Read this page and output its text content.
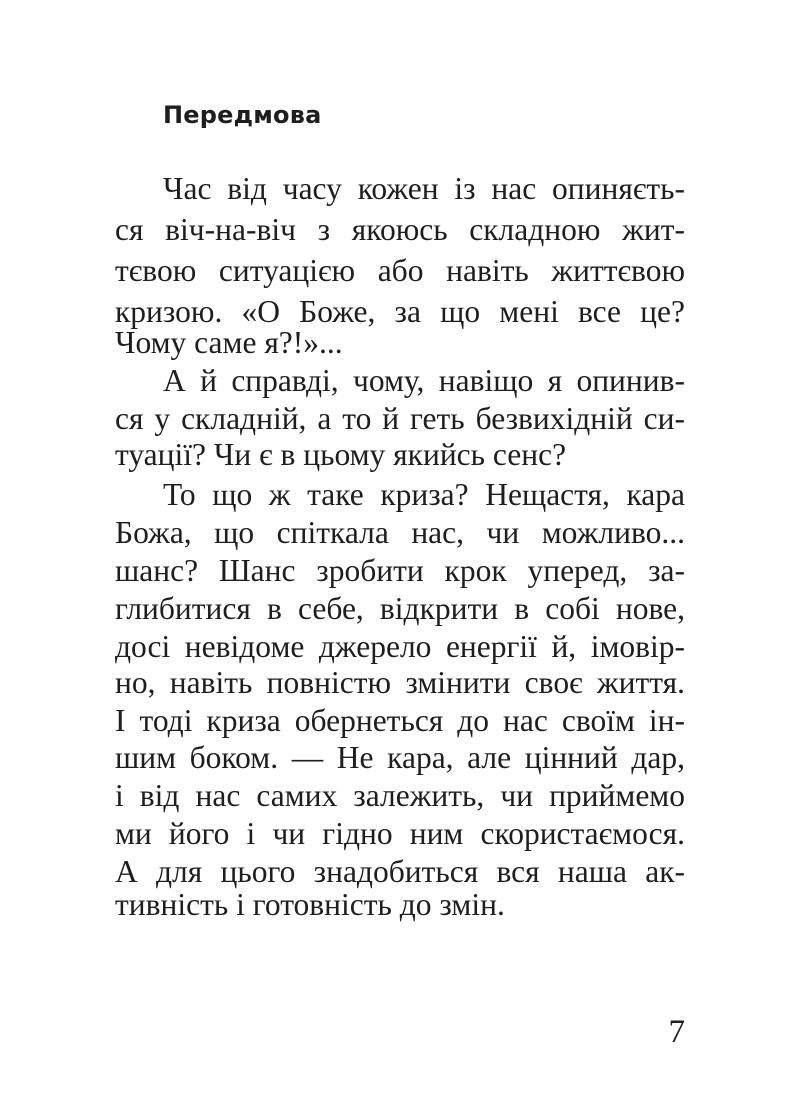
Передмова

Час від часу кожен із нас опиняєть-

ся віч-на-віч з якоюсь складною жит-

тєвою ситуацією або навіть життєвою

кризою. «О Боже, за що мені все це?

Чому саме я?!»...

А й справді, чому, навіщо я опинив-

ся у складній, а то й геть безвихідній си-

туації? Чи є в цьому якийсь сенс?

То що ж таке криза? Нещастя, кара

Божа, що спіткала нас, чи можливо...

шанс? Шанс зробити крок уперед, за-

глибитися в себе, відкрити в собі нове,

досі невідоме джерело енергії й, імовір-

но, навіть повністю змінити своє життя.

І тоді криза обернеться до нас своїм ін-

шим боком. — Не кара, але цінний дар,

і від нас самих залежить, чи приймемо

ми його і чи гідно ним скористаємося.

А для цього знадобиться вся наша ак-

тивність і готовність до змін.

7
